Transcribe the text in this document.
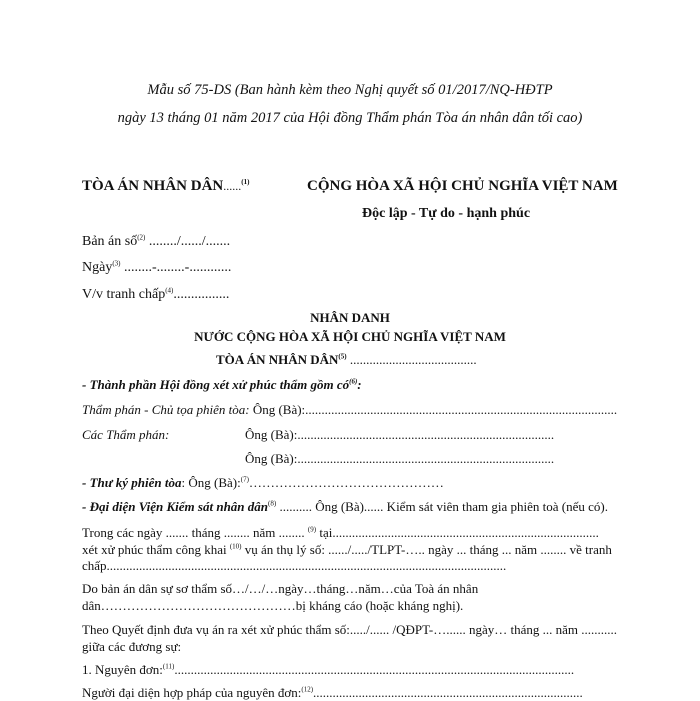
Mẫu số 75-DS (Ban hành kèm theo Nghị quyết số 01/2017/NQ-HĐTP
ngày 13 tháng 01 năm 2017 của Hội đồng Thẩm phán Tòa án nhân dân tối cao)
TÒA ÁN NHÂN DÂN......$^{(1)}$	CỘNG HÒA XÃ HỘI CHỦ NGHĨA VIỆT NAM
Độc lập - Tự do - hạnh phúc
Bản án số$^{(2)}$ ......../....../.......
Ngày$^{(3)}$ ........-........-............
V/v tranh chấp$^{(4)}$................
NHÂN DANH
NƯỚC CỘNG HÒA XÃ HỘI CHỦ NGHĨA VIỆT NAM
TÒA ÁN NHÂN DÂN$^{(5)}$ .......................................
- Thành phần Hội đồng xét xử phúc thẩm gồm $có^{(6)}$:
Thẩm phán - Chủ tọa phiên tòa: Ông (Bà):................................................................................................
Các Thẩm phán:	Ông (Bà):...............................................................................
Ông (Bà):...............................................................................
- Thư ký phiên tòa: Ông (Bà):$^{(7)}$………………………………………
- Đại diện Viện Kiểm sát nhân dân$^{(8)}$ .......... Ông (Bà)...... Kiểm sát viên tham gia phiên toà (nếu có).
Trong các ngày ....... tháng ........ năm ........ $^{(9)}$ tại..................................................................................
xét xử phúc thẩm công khai $^{(10)}$ vụ án thụ lý số: ....../...../TLPT-….. ngày ... tháng ... năm ........ về tranh
chấp...........................................................................................................................
Do bản án dân sự sơ thẩm số…/…/…ngày…tháng…năm…của Toà án nhân
dân………………………………………bị kháng cáo (hoặc kháng nghị).
Theo Quyết định đưa vụ án ra xét xử phúc thẩm số:...../...... /QĐPT-…...... ngày… tháng ... năm ...........
giữa các đương sự:
1. Nguyên đơn:$^{(11)}$...........................................................................................................................
Người đại diện hợp pháp của nguyên đơn:$^{(12)}$...................................................................................
